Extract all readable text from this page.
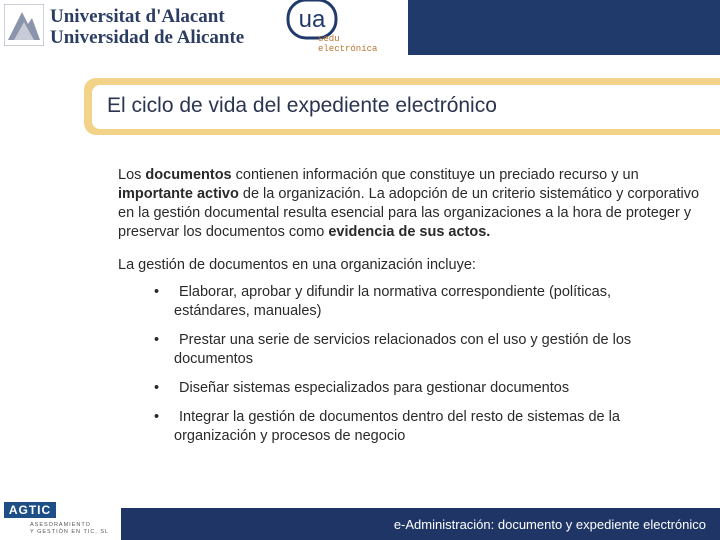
Universitat d'Alacant
Universidad de Alicante
ua
sedu
electrónica
El ciclo de vida del expediente electrónico

Los documentos contienen información que constituye un preciado recurso y un importante activo de la organización. La adopción de un criterio sistemático y corporativo en la gestión documental resulta esencial para las organizaciones a la hora de proteger y preservar los documentos como evidencia de sus actos.

La gestión de documentos en una organización incluye:

• Elaborar, aprobar y difundir la normativa correspondiente (políticas, estándares, manuales)
• Prestar una serie de servicios relacionados con el uso y gestión de los documentos
• Diseñar sistemas especializados para gestionar documentos
• Integrar la gestión de documentos dentro del resto de sistemas de la organización y procesos de negocio
AGTIC
ASESORAMIENTO
Y GESTIÓN EN TIC, SL	e-Administración: documento y expediente electrónico
